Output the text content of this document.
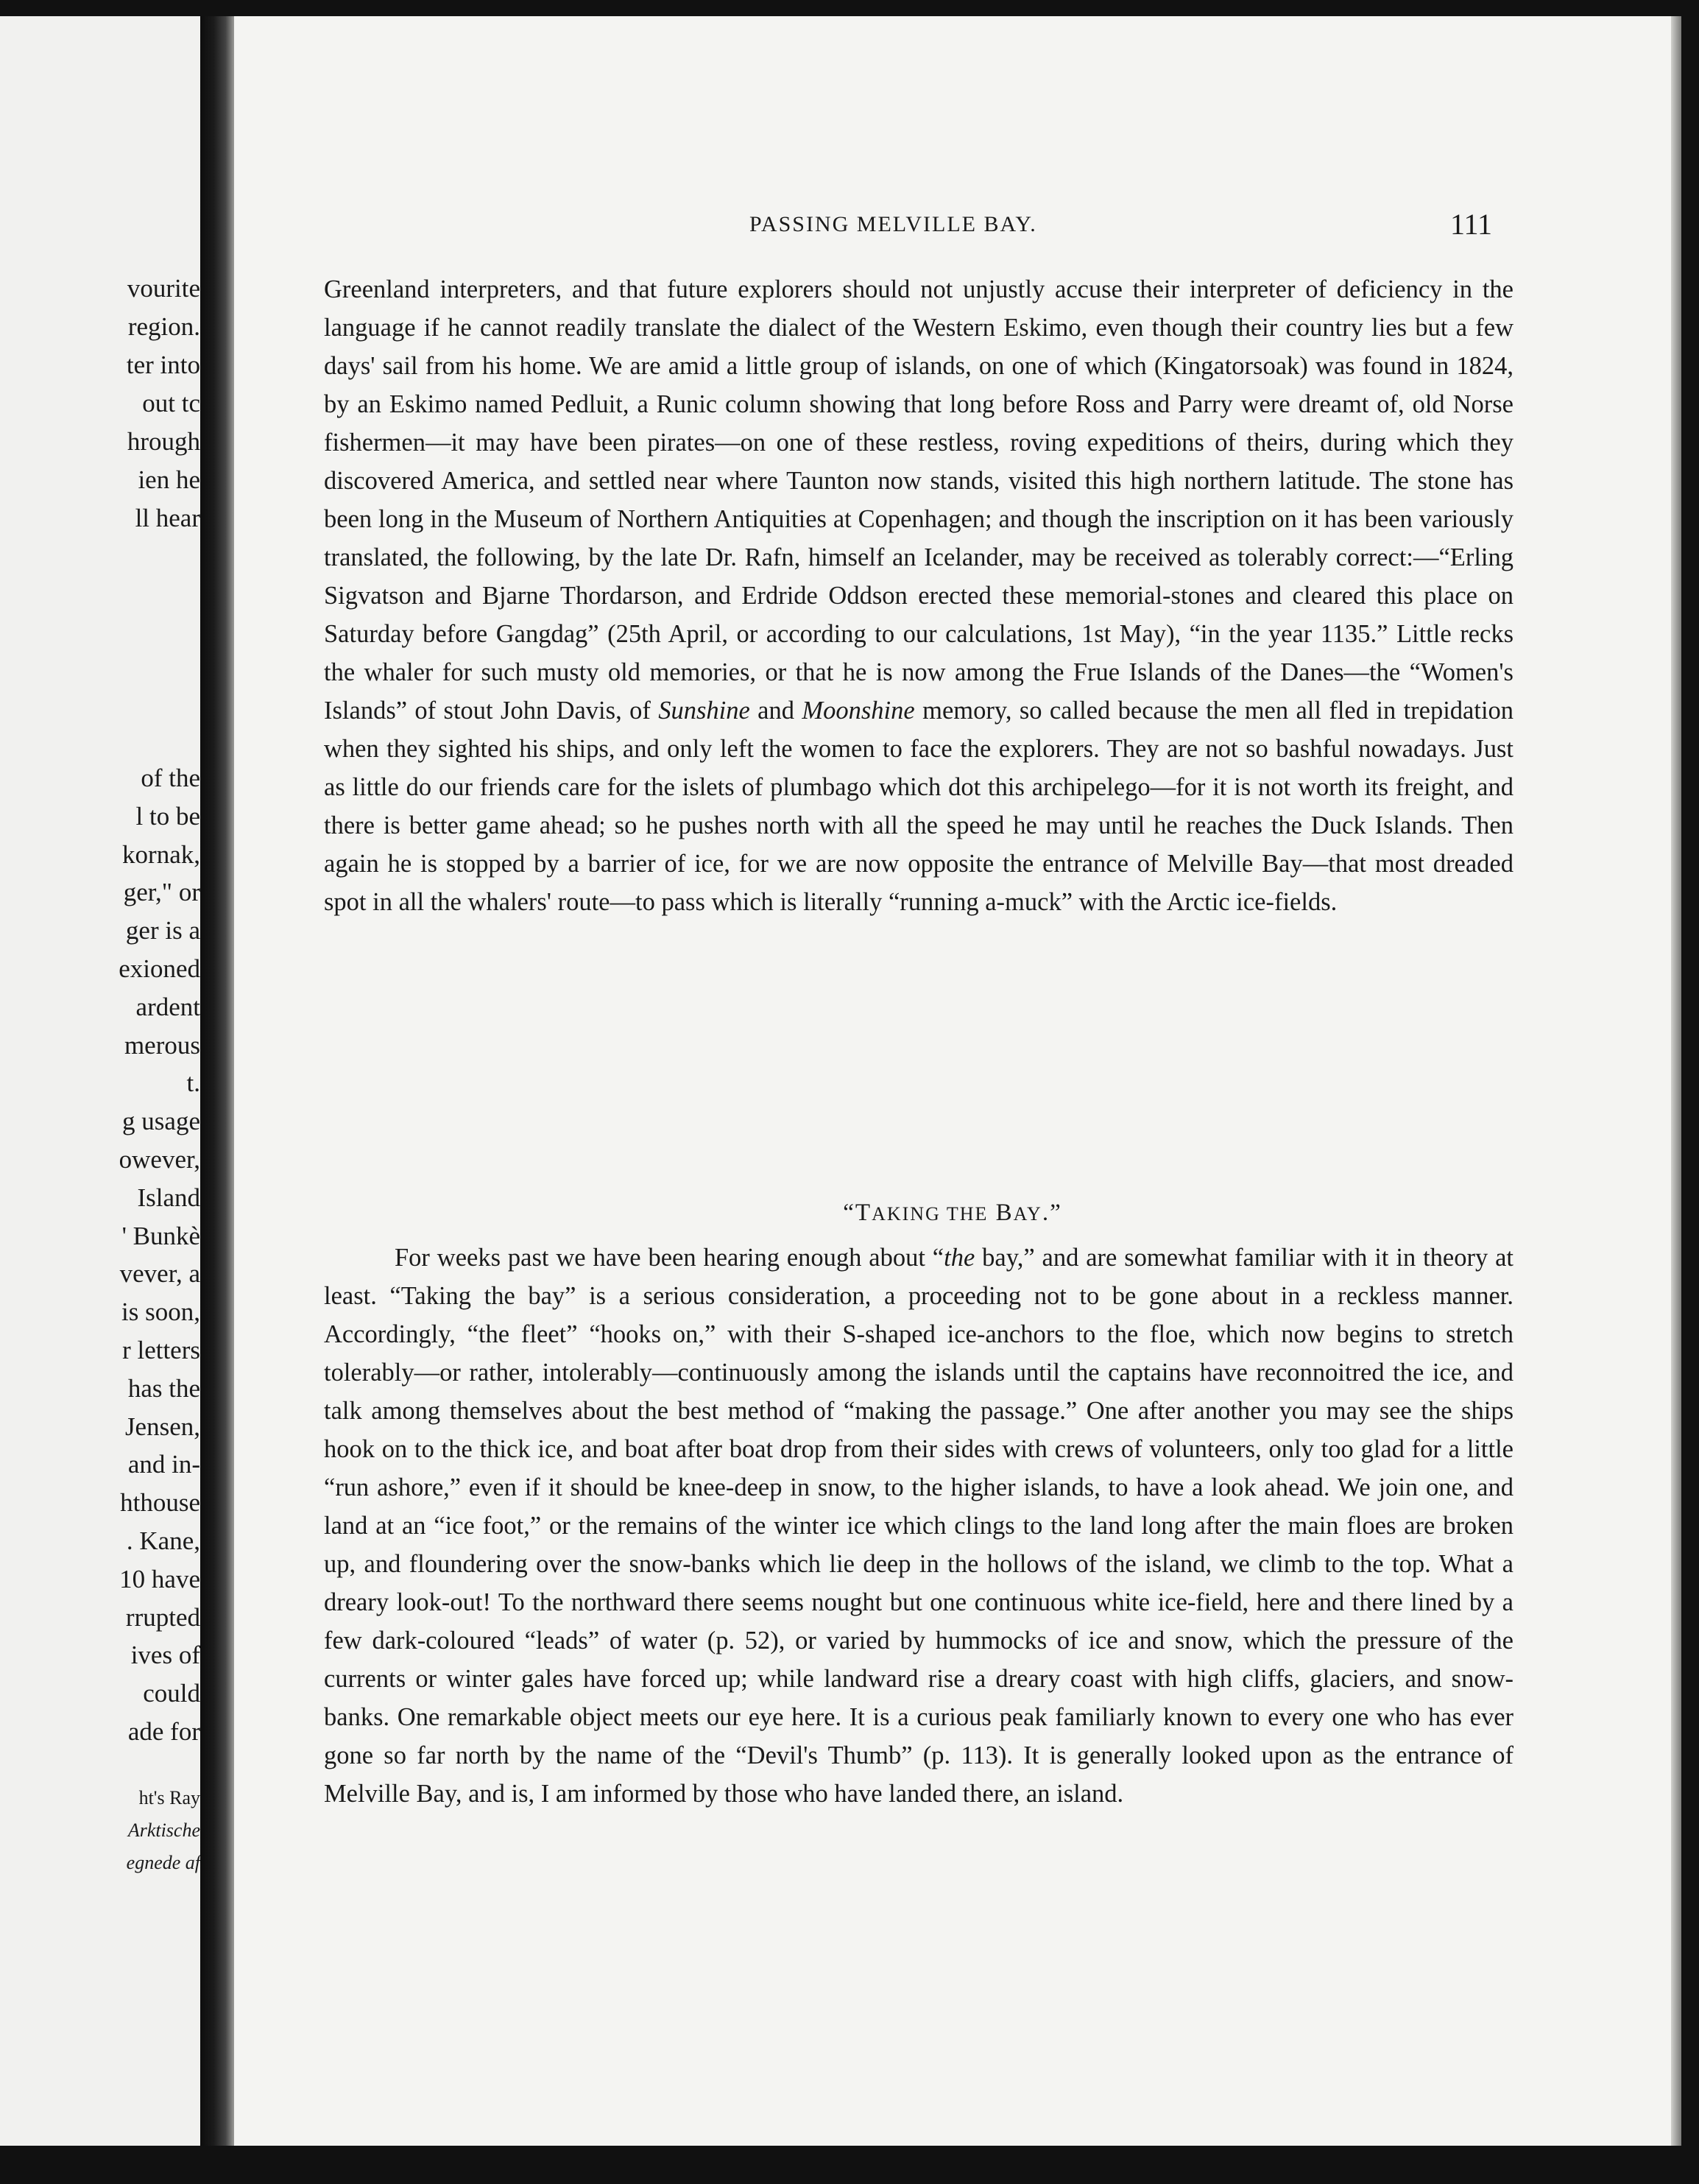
vourite
region.
ter into
out tc
hrough
ien he
ll hear
of the
l to be
kornak,
ger," or
ger is a
exioned
ardent
merous
t.
g usage
owever,
Island
' Bunkè
vever, a
is soon,
r letters
has the
Jensen,
and in-
hthouse
. Kane,
10 have
rrupted
ives of
could
ade for
ht's Ray
Arktische
egnede af
PASSING MELVILLE BAY.	111
Greenland interpreters, and that future explorers should not unjustly accuse their interpreter of deficiency in the language if he cannot readily translate the dialect of the Western Eskimo, even though their country lies but a few days' sail from his home. We are amid a little group of islands, on one of which (Kingatorsoak) was found in 1824, by an Eskimo named Pedluit, a Runic column showing that long before Ross and Parry were dreamt of, old Norse fishermen—it may have been pirates—on one of these restless, roving expeditions of theirs, during which they discovered America, and settled near where Taunton now stands, visited this high northern latitude. The stone has been long in the Museum of Northern Antiquities at Copenhagen; and though the inscription on it has been variously translated, the following, by the late Dr. Rafn, himself an Icelander, may be received as tolerably correct:—“Erling Sigvatson and Bjarne Thordarson, and Erdride Oddson erected these memorial-stones and cleared this place on Saturday before Gangdag” (25th April, or according to our calculations, 1st May), “in the year 1135.” Little recks the whaler for such musty old memories, or that he is now among the Frue Islands of the Danes—the “Women's Islands” of stout John Davis, of Sunshine and Moonshine memory, so called because the men all fled in trepidation when they sighted his ships, and only left the women to face the explorers. They are not so bashful nowadays. Just as little do our friends care for the islets of plumbago which dot this archipelego—for it is not worth its freight, and there is better game ahead; so he pushes north with all the speed he may until he reaches the Duck Islands. Then again he is stopped by a barrier of ice, for we are now opposite the entrance of Melville Bay—that most dreaded spot in all the whalers' route—to pass which is literally “running a-muck” with the Arctic ice-fields.
“TAKING THE BAY.”
For weeks past we have been hearing enough about “the bay,” and are somewhat familiar with it in theory at least. “Taking the bay” is a serious consideration, a proceeding not to be gone about in a reckless manner. Accordingly, “the fleet” “hooks on,” with their S-shaped ice-anchors to the floe, which now begins to stretch tolerably—or rather, intolerably—continuously among the islands until the captains have reconnoitred the ice, and talk among themselves about the best method of “making the passage.” One after another you may see the ships hook on to the thick ice, and boat after boat drop from their sides with crews of volunteers, only too glad for a little “run ashore,” even if it should be knee-deep in snow, to the higher islands, to have a look ahead. We join one, and land at an “ice foot,” or the remains of the winter ice which clings to the land long after the main floes are broken up, and floundering over the snow-banks which lie deep in the hollows of the island, we climb to the top. What a dreary look-out! To the northward there seems nought but one continuous white ice-field, here and there lined by a few dark-coloured “leads” of water (p. 52), or varied by hummocks of ice and snow, which the pressure of the currents or winter gales have forced up; while landward rise a dreary coast with high cliffs, glaciers, and snow-banks. One remarkable object meets our eye here. It is a curious peak familiarly known to every one who has ever gone so far north by the name of the “Devil's Thumb” (p. 113). It is generally looked upon as the entrance of Melville Bay, and is, I am informed by those who have landed there, an island.
